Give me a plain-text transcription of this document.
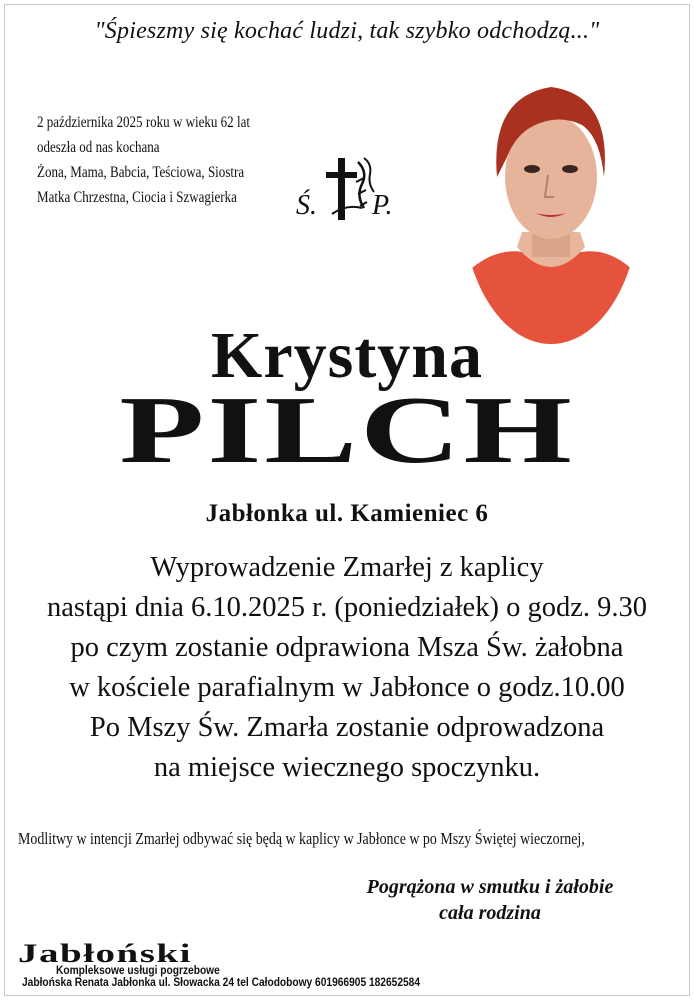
"Śpieszmy się kochać ludzi, tak szybko odchodzą..."
2 października 2025 roku w wieku 62 lat
odeszła od nas kochana
Żona, Mama, Babcia, Teściowa, Siostra
Matka Chrzestna, Ciocia i Szwagierka Ś. P.
Krystyna
PILCH
Jabłonka ul. Kamieniec 6
Wyprowadzenie Zmarłej z kaplicy
nastąpi dnia 6.10.2025 r. (poniedziałek) o godz. 9.30
po czym zostanie odprawiona Msza Św. żałobna
w kościele parafialnym w Jabłonce o godz.10.00
Po Mszy Św. Zmarła zostanie odprowadzona
na miejsce wiecznego spoczynku.
Modlitwy w intencji Zmarłej odbywać się będą w kaplicy w Jabłonce w po Mszy Świętej wieczornej,
Pogrążona w smutku i żałobie
cała rodzina
Jabłoński
Kompleksowe usługi pogrzebowe
Jabłońska Renata Jabłonka ul. Słowacka 24 tel Całodobowy 601966905 182652584
